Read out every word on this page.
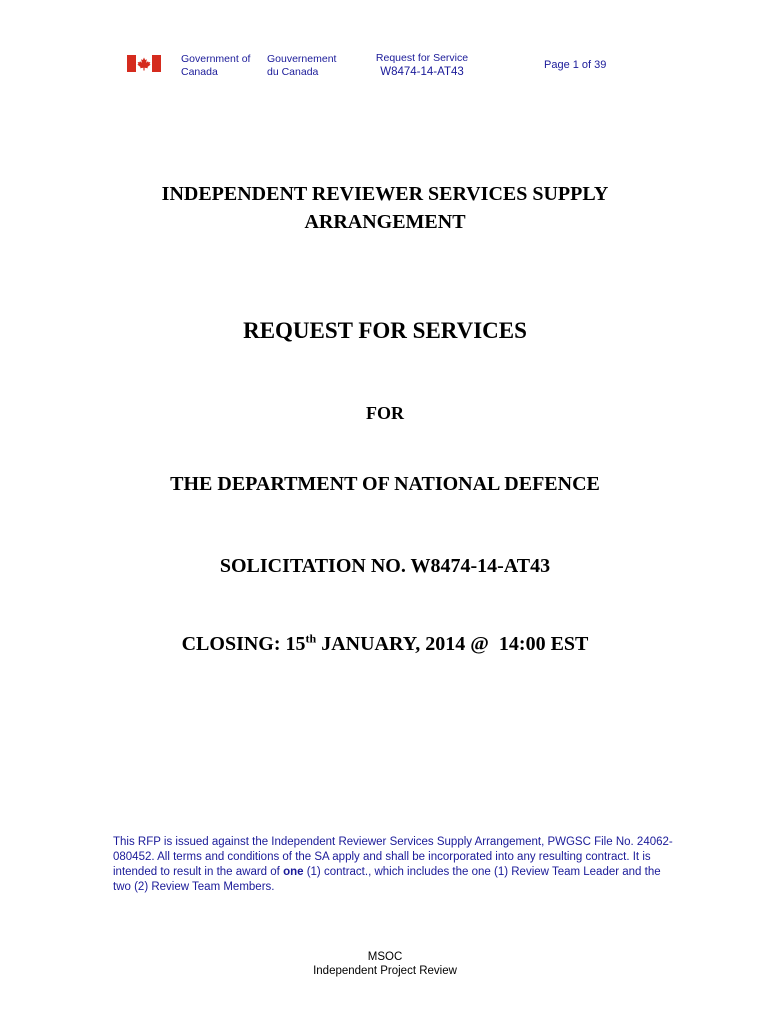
Government of
Canada
Gouvernement
du Canada
Request for Service
W8474-14-AT43
Page 1 of 39
INDEPENDENT REVIEWER SERVICES SUPPLY
ARRANGEMENT
REQUEST FOR SERVICES
FOR
THE DEPARTMENT OF NATIONAL DEFENCE
SOLICITATION NO. W8474-14-AT43
CLOSING: 15th JANUARY, 2014 @  14:00 EST
This RFP is issued against the Independent Reviewer Services Supply Arrangement, PWGSC File No. 24062-080452. All terms and conditions of the SA apply and shall be incorporated into any resulting contract. It is intended to result in the award of one (1) contract., which includes the one (1) Review Team Leader and the two (2) Review Team Members.
MSOC
Independent Project Review
